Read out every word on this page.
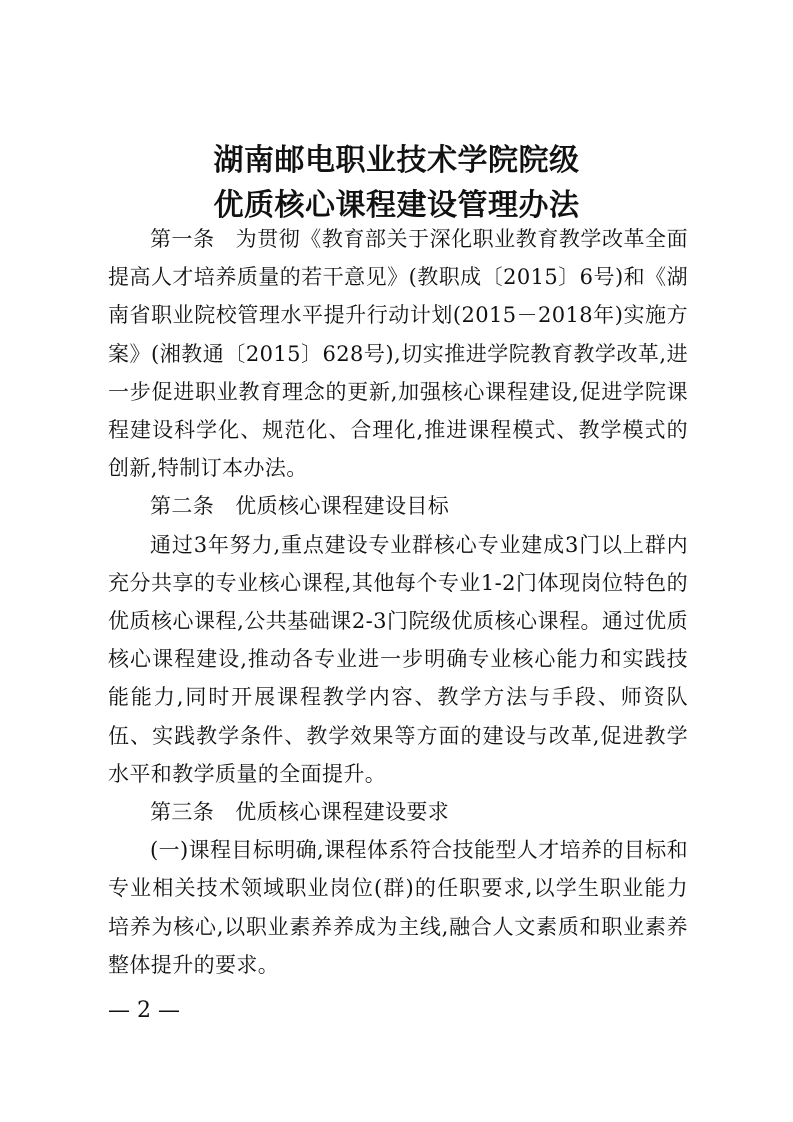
湖南邮电职业技术学院院级
优质核心课程建设管理办法

第一条 为贯彻《教育部关于深化职业教育教学改革全面提高人才培养质量的若干意见》(教职成〔2015〕6号)和《湖南省职业院校管理水平提升行动计划(2015－2018年)实施方案》(湘教通〔2015〕628号),切实推进学院教育教学改革,进一步促进职业教育理念的更新,加强核心课程建设,促进学院课程建设科学化、规范化、合理化,推进课程模式、教学模式的创新,特制订本办法。

第二条 优质核心课程建设目标

通过3年努力,重点建设专业群核心专业建成3门以上群内充分共享的专业核心课程,其他每个专业1-2门体现岗位特色的优质核心课程,公共基础课2-3门院级优质核心课程。通过优质核心课程建设,推动各专业进一步明确专业核心能力和实践技能能力,同时开展课程教学内容、教学方法与手段、师资队伍、实践教学条件、教学效果等方面的建设与改革,促进教学水平和教学质量的全面提升。

第三条 优质核心课程建设要求

(一)课程目标明确,课程体系符合技能型人才培养的目标和专业相关技术领域职业岗位(群)的任职要求,以学生职业能力培养为核心,以职业素养养成为主线,融合人文素质和职业素养整体提升的要求。

— 2 —
